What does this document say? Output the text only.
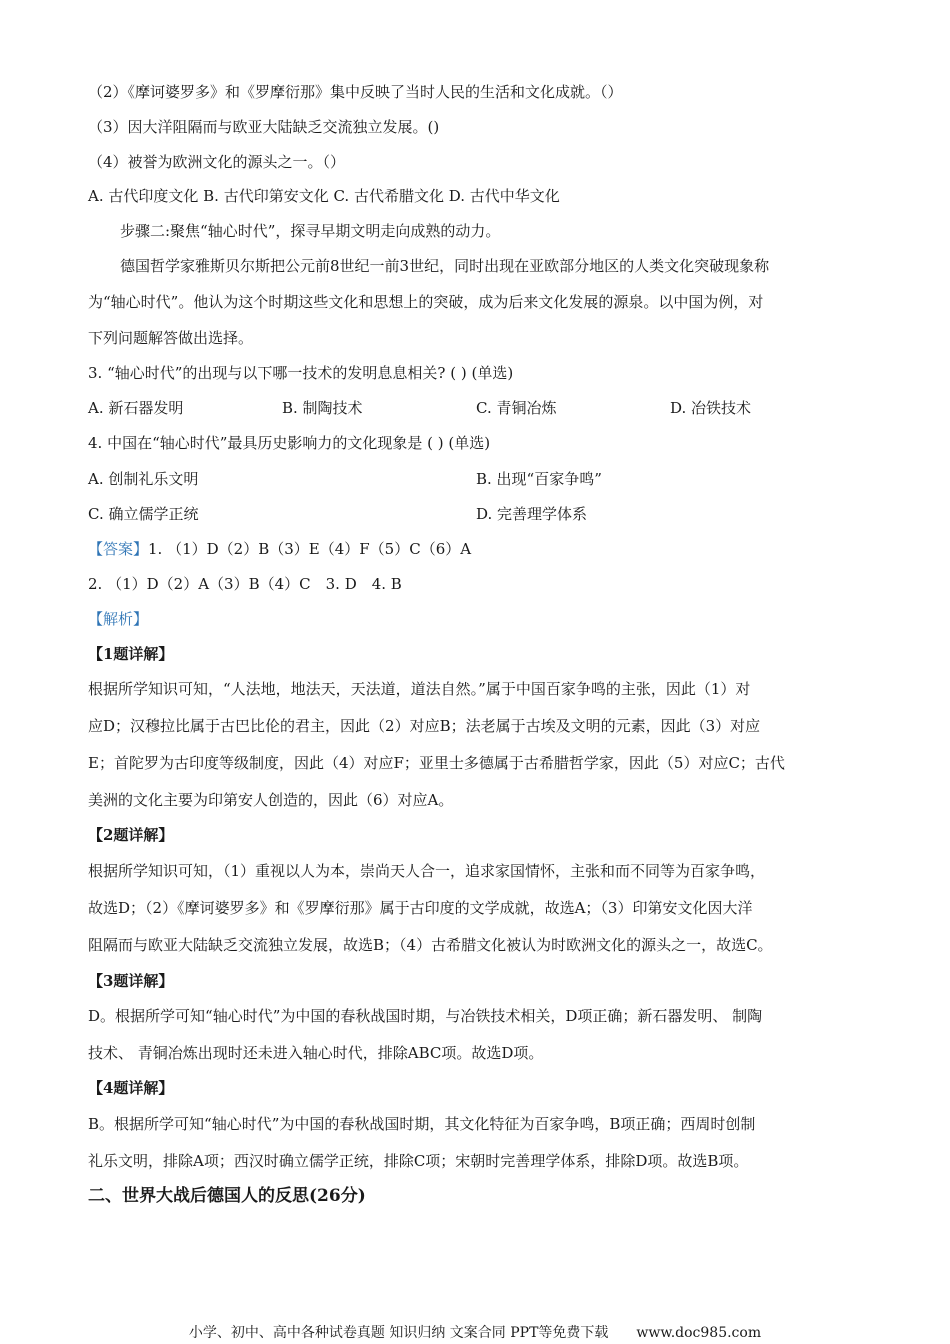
（2）《摩诃婆罗多》和《罗摩衍那》集中反映了当时人民的生活和文化成就。（）
（3）因大洋阻隔而与欧亚大陆缺乏交流独立发展。()
（4）被誉为欧洲文化的源头之一。（）
A. 古代印度文化 B. 古代印第安文化 C. 古代希腊文化 D. 古代中华文化
步骤二:聚焦“轴心时代”，探寻早期文明走向成熟的动力。
德国哲学家雅斯贝尔斯把公元前8世纪一前3世纪，同时出现在亚欧部分地区的人类文化突破现象称
为“轴心时代”。他认为这个时期这些文化和思想上的突破，成为后来文化发展的源泉。以中国为例，对
下列问题解答做出选择。
3. “轴心时代”的出现与以下哪一技术的发明息息相关? ( ) (单选)
A. 新石器发明	B. 制陶技术	C. 青铜冶炼	D. 冶铁技术
4. 中国在“轴心时代”最具历史影响力的文化现象是 ( ) (单选)
A. 创制礼乐文明	B. 出现“百家争鸣”
C. 确立儒学正统	D. 完善理学体系
【答案】1. （1）D（2）B（3）E（4）F（5）C（6）A
2. （1）D（2）A（3）B（4）C　3. D　4. B
【解析】
【1题详解】
根据所学知识可知，“人法地，地法天，天法道，道法自然。”属于中国百家争鸣的主张，因此（1）对
应D；汉穆拉比属于古巴比伦的君主，因此（2）对应B；法老属于古埃及文明的元素，因此（3）对应
E；首陀罗为古印度等级制度，因此（4）对应F；亚里士多德属于古希腊哲学家，因此（5）对应C；古代
美洲的文化主要为印第安人创造的，因此（6）对应A。
【2题详解】
根据所学知识可知，（1）重视以人为本，崇尚天人合一，追求家国情怀，主张和而不同等为百家争鸣，
故选D；（2）《摩诃婆罗多》和《罗摩衍那》属于古印度的文学成就，故选A；（3）印第安文化因大洋
阻隔而与欧亚大陆缺乏交流独立发展，故选B；（4）古希腊文化被认为时欧洲文化的源头之一，故选C。
【3题详解】
D。根据所学可知“轴心时代”为中国的春秋战国时期，与冶铁技术相关，D项正确；新石器发明、 制陶
技术、 青铜冶炼出现时还未进入轴心时代，排除ABC项。故选D项。
【4题详解】
B。根据所学可知“轴心时代”为中国的春秋战国时期，其文化特征为百家争鸣，B项正确；西周时创制
礼乐文明，排除A项；西汉时确立儒学正统，排除C项；宋朝时完善理学体系，排除D项。故选B项。
二、世界大战后德国人的反思(26分)
小学、初中、高中各种试卷真题 知识归纳 文案合同 PPT等免费下载　　www.doc985.com
